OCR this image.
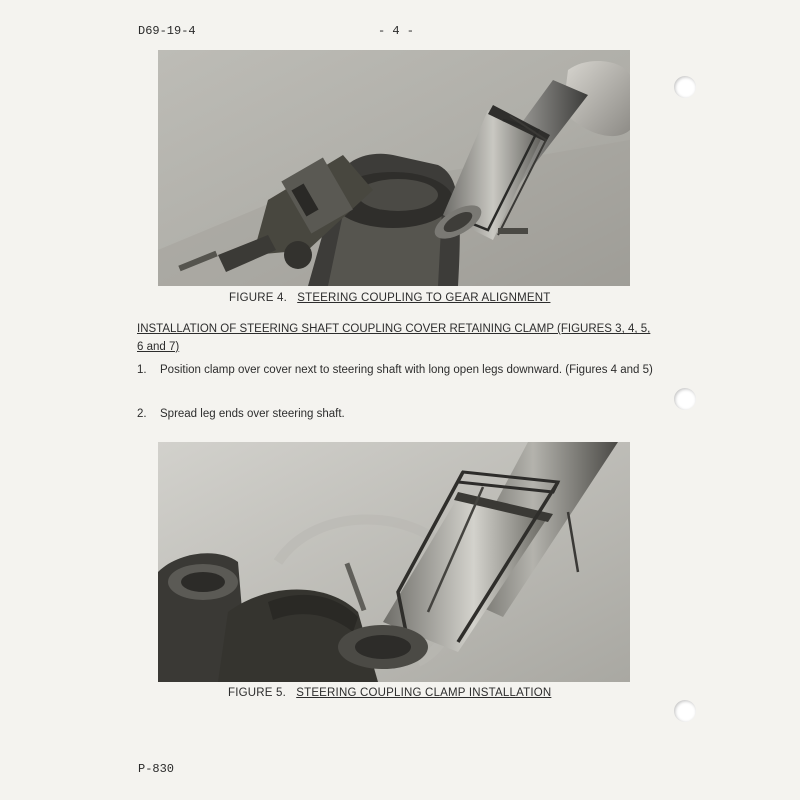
D69-19-4	- 4 -
FIGURE 4. STEERING COUPLING TO GEAR ALIGNMENT
INSTALLATION OF STEERING SHAFT COUPLING COVER RETAINING CLAMP (FIGURES 3, 4, 5, 6 and 7)
1. Position clamp over cover next to steering shaft with long open legs downward. (Figures 4 and 5)
2. Spread leg ends over steering shaft.
FIGURE 5. STEERING COUPLING CLAMP INSTALLATION
P-830
